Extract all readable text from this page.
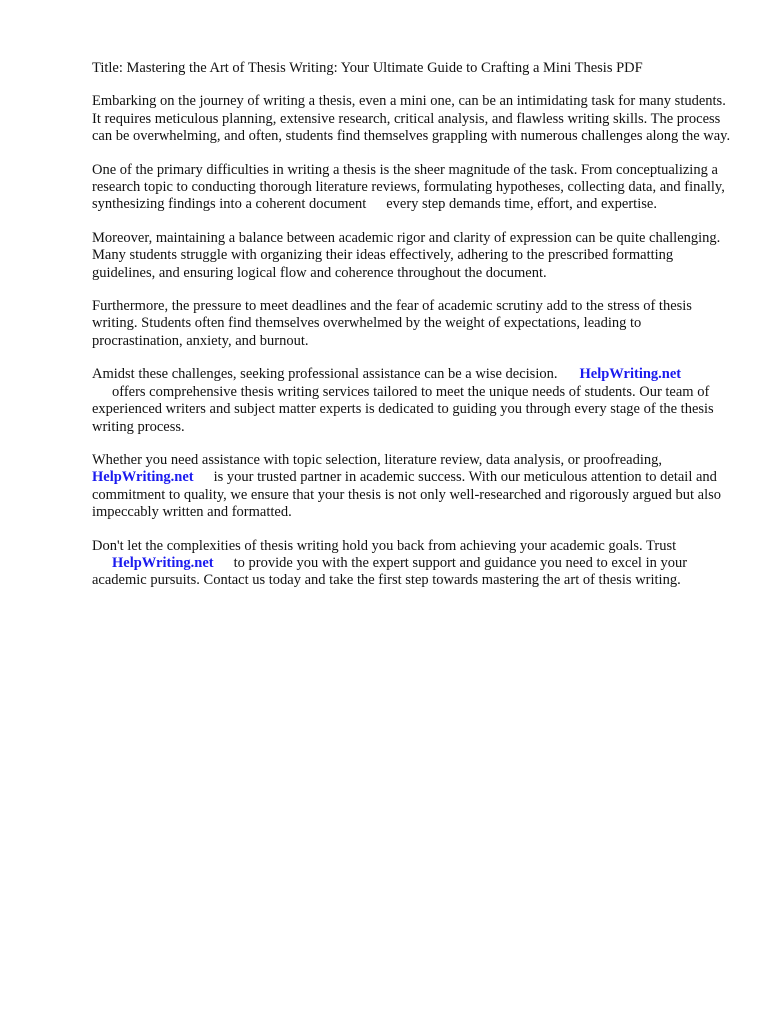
Title: Mastering the Art of Thesis Writing: Your Ultimate Guide to Crafting a Mini Thesis PDF

Embarking on the journey of writing a thesis, even a mini one, can be an intimidating task for many students. It requires meticulous planning, extensive research, critical analysis, and flawless writing skills. The process can be overwhelming, and often, students find themselves grappling with numerous challenges along the way.

One of the primary difficulties in writing a thesis is the sheer magnitude of the task. From conceptualizing a research topic to conducting thorough literature reviews, formulating hypotheses, collecting data, and finally, synthesizing findings into a coherent document every step demands time, effort, and expertise.

Moreover, maintaining a balance between academic rigor and clarity of expression can be quite challenging. Many students struggle with organizing their ideas effectively, adhering to the prescribed formatting guidelines, and ensuring logical flow and coherence throughout the document.

Furthermore, the pressure to meet deadlines and the fear of academic scrutiny add to the stress of thesis writing. Students often find themselves overwhelmed by the weight of expectations, leading to procrastination, anxiety, and burnout.

Amidst these challenges, seeking professional assistance can be a wise decision. HelpWriting.net
offers comprehensive thesis writing services tailored to meet the unique needs of students. Our team of experienced writers and subject matter experts is dedicated to guiding you through every stage of the thesis writing process.

Whether you need assistance with topic selection, literature review, data analysis, or proofreading,
HelpWriting.net is your trusted partner in academic success. With our meticulous attention to detail and commitment to quality, we ensure that your thesis is not only well-researched and rigorously argued but also impeccably written and formatted.

Don't let the complexities of thesis writing hold you back from achieving your academic goals. Trust
HelpWriting.net to provide you with the expert support and guidance you need to excel in your academic pursuits. Contact us today and take the first step towards mastering the art of thesis writing.
